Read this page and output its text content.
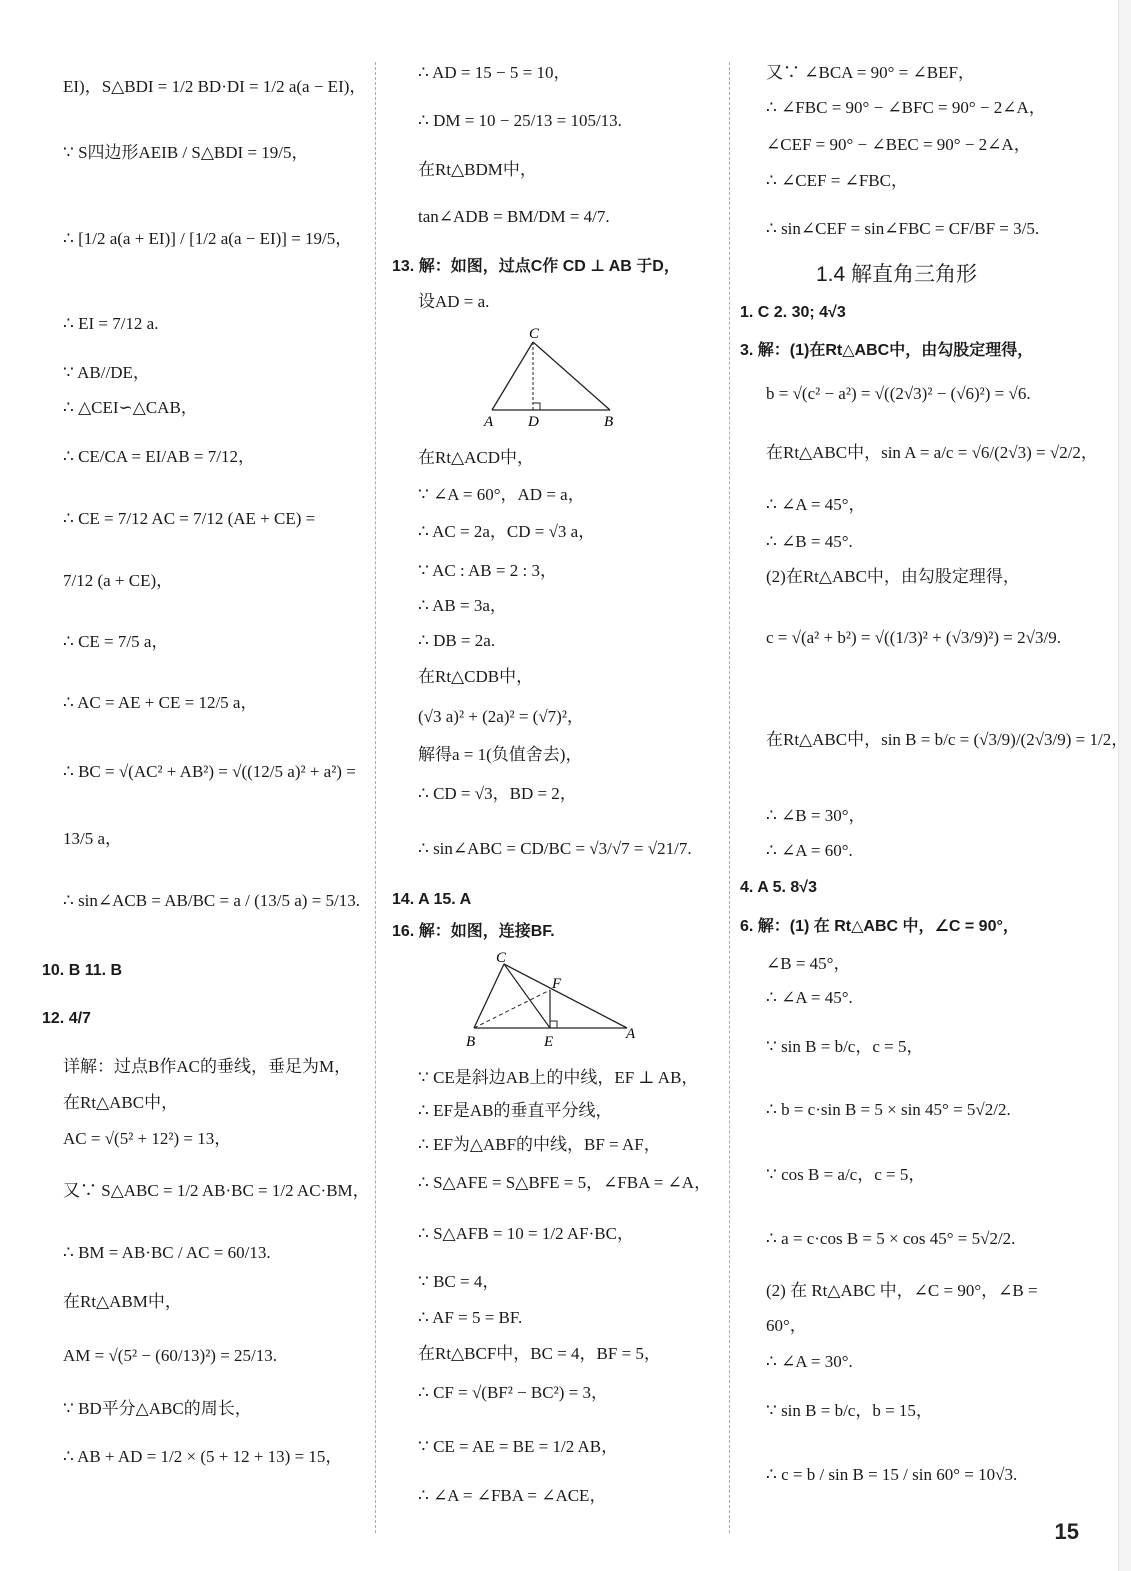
EI)，S△BDI = 1/2 BD·DI = 1/2 a(a − EI)，
∵ S四边形AEIB / S△BDI = 19/5，
∴ [1/2 a(a + EI)] / [1/2 a(a − EI)] = 19/5，
∴ EI = 7/12 a.
∵ AB//DE，
∴ △CEI∽△CAB，
∴ CE/CA = EI/AB = 7/12，
∴ CE = 7/12 AC = 7/12 (AE + CE) =
7/12 (a + CE)，
∴ CE = 7/5 a，
∴ AC = AE + CE = 12/5 a，
∴ BC = √(AC² + AB²) = √((12/5 a)² + a²) =
13/5 a，
∴ sin∠ACB = AB/BC = a / (13/5 a) = 5/13.
10. B 11. B
12. 4/7
详解：过点B作AC的垂线，垂足为M，
在Rt△ABC中，
AC = √(5² + 12²) = 13，
又∵ S△ABC = 1/2 AB·BC = 1/2 AC·BM，
∴ BM = AB·BC / AC = 60/13.
在Rt△ABM中，
AM = √(5² − (60/13)²) = 25/13.
∵ BD平分△ABC的周长，
∴ AB + AD = 1/2 × (5 + 12 + 13) = 15，
∴ AD = 15 − 5 = 10，
∴ DM = 10 − 25/13 = 105/13.
在Rt△BDM中，
tan∠ADB = BM/DM = 4/7.
13. 解：如图，过点C作 CD ⊥ AB 于D，
设AD = a.
C
A D	B
在Rt△ACD中，
∵ ∠A = 60°，AD = a，
∴ AC = 2a，CD = √3 a，
∵ AC : AB = 2 : 3，
∴ AB = 3a，
∴ DB = 2a.
在Rt△CDB中，
(√3 a)² + (2a)² = (√7)²，
解得a = 1(负值舍去)，
∴ CD = √3，BD = 2，
∴ sin∠ABC = CD/BC = √3/√7 = √21/7.
14. A 15. A
16. 解：如图，连接BF.
C
F
B	E	A
∵ CE是斜边AB上的中线，EF ⊥ AB，
∴ EF是AB的垂直平分线，
∴ EF为△ABF的中线，BF = AF，
∴ S△AFE = S△BFE = 5，∠FBA = ∠A，
∴ S△AFB = 10 = 1/2 AF·BC，
∵ BC = 4，
∴ AF = 5 = BF.
在Rt△BCF中，BC = 4，BF = 5，
∴ CF = √(BF² − BC²) = 3，
∵ CE = AE = BE = 1/2 AB，
∴ ∠A = ∠FBA = ∠ACE，
又∵ ∠BCA = 90° = ∠BEF，
∴ ∠FBC = 90° − ∠BFC = 90° − 2∠A，
∠CEF = 90° − ∠BEC = 90° − 2∠A，
∴ ∠CEF = ∠FBC，
∴ sin∠CEF = sin∠FBC = CF/BF = 3/5.
1.4 解直角三角形
1. C 2. 30; 4√3
3. 解：(1)在Rt△ABC中，由勾股定理得，
b = √(c² − a²) = √((2√3)² − (√6)²) = √6.
在Rt△ABC中，sin A = a/c = √6/(2√3) = √2/2，
∴ ∠A = 45°，
∴ ∠B = 45°.
(2)在Rt△ABC中，由勾股定理得，
c = √(a² + b²) = √((1/3)² + (√3/9)²) = 2√3/9.
在Rt△ABC中，sin B = b/c = (√3/9)/(2√3/9) = 1/2，
∴ ∠B = 30°，
∴ ∠A = 60°.
4. A 5. 8√3
6. 解：(1) 在 Rt△ABC 中，∠C = 90°，
∠B = 45°，
∴ ∠A = 45°.
∵ sin B = b/c，c = 5，
∴ b = c·sin B = 5 × sin 45° = 5√2/2.
∵ cos B = a/c，c = 5，
∴ a = c·cos B = 5 × cos 45° = 5√2/2.
(2) 在 Rt△ABC 中，∠C = 90°，∠B =
60°，
∴ ∠A = 30°.
∵ sin B = b/c，b = 15，
∴ c = b / sin B = 15 / sin 60° = 10√3.
15
